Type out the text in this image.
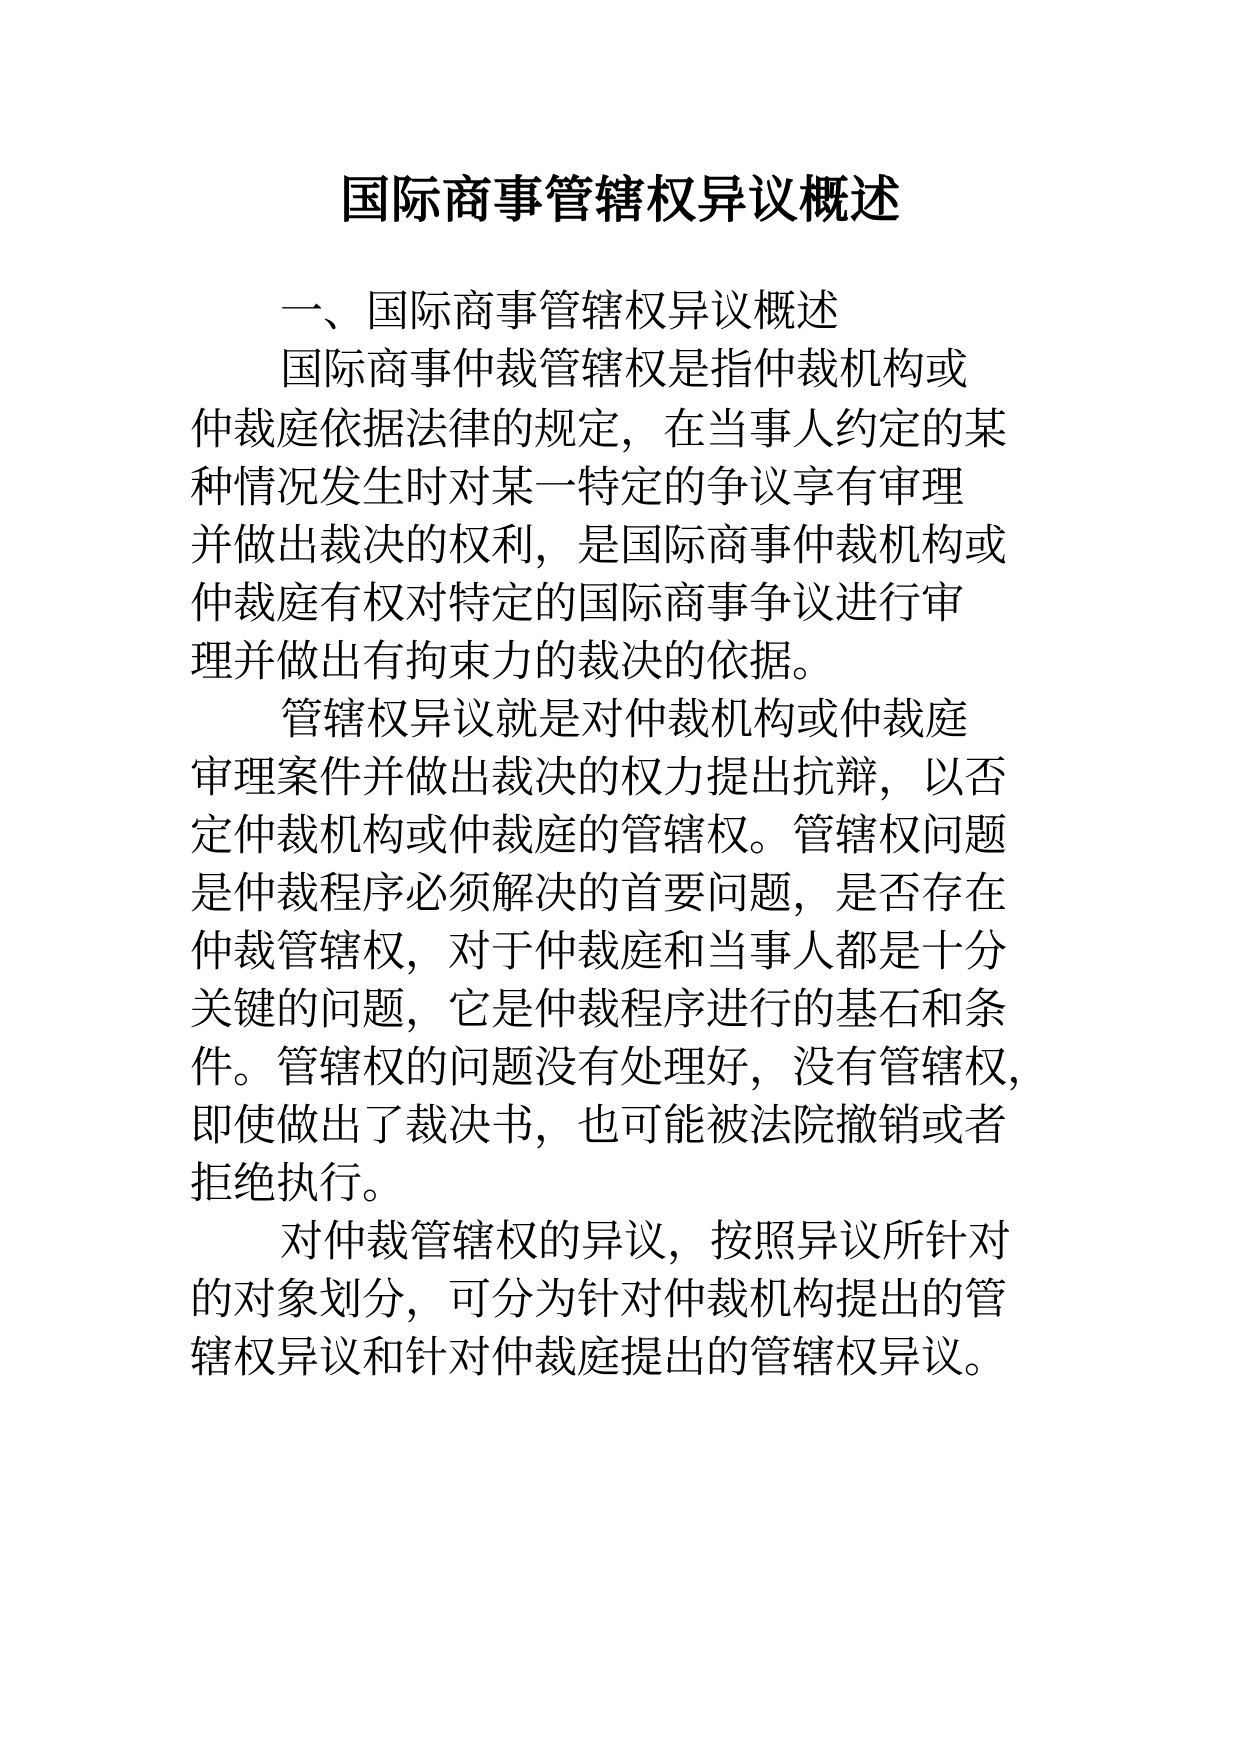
国际商事管辖权异议概述

一、国际商事管辖权异议概述

国际商事仲裁管辖权是指仲裁机构或

仲裁庭依据法律的规定，在当事人约定的某

种情况发生时对某一特定的争议享有审理

并做出裁决的权利，是国际商事仲裁机构或

仲裁庭有权对特定的国际商事争议进行审

理并做出有拘束力的裁决的依据。

管辖权异议就是对仲裁机构或仲裁庭

审理案件并做出裁决的权力提出抗辩，以否

定仲裁机构或仲裁庭的管辖权。管辖权问题

是仲裁程序必须解决的首要问题，是否存在

仲裁管辖权，对于仲裁庭和当事人都是十分

关键的问题，它是仲裁程序进行的基石和条

件。管辖权的问题没有处理好，没有管辖权，

即使做出了裁决书，也可能被法院撤销或者

拒绝执行。

对仲裁管辖权的异议，按照异议所针对

的对象划分，可分为针对仲裁机构提出的管

辖权异议和针对仲裁庭提出的管辖权异议。
